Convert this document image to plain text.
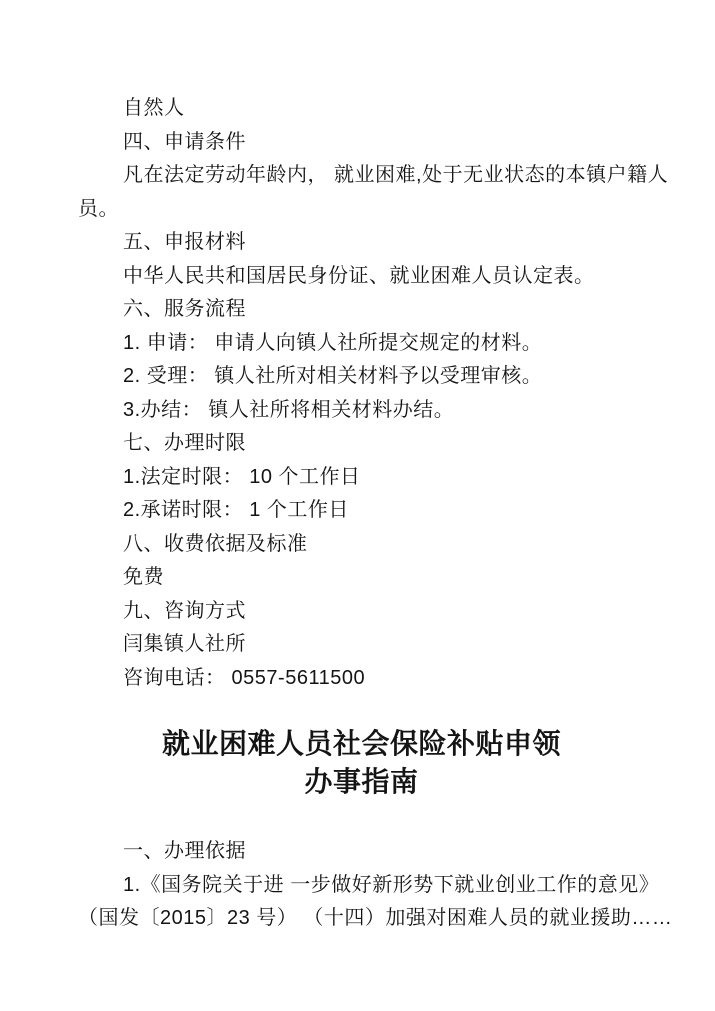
自然人
四、申请条件
凡在法定劳动年龄内， 就业困难,处于无业状态的本镇户籍人
员。
五、申报材料
中华人民共和国居民身份证、就业困难人员认定表。
六、服务流程
1. 申请： 申请人向镇人社所提交规定的材料。
2. 受理： 镇人社所对相关材料予以受理审核。
3.办结： 镇人社所将相关材料办结。
七、办理时限
1.法定时限： 10 个工作日
2.承诺时限： 1 个工作日
八、收费依据及标准
免费
九、咨询方式
闫集镇人社所
咨询电话： 0557-5611500
就业困难人员社会保险补贴申领
办事指南
一、办理依据
1.《国务院关于进 一步做好新形势下就业创业工作的意见》
（国发〔2015〕23 号） （十四）加强对困难人员的就业援助……
